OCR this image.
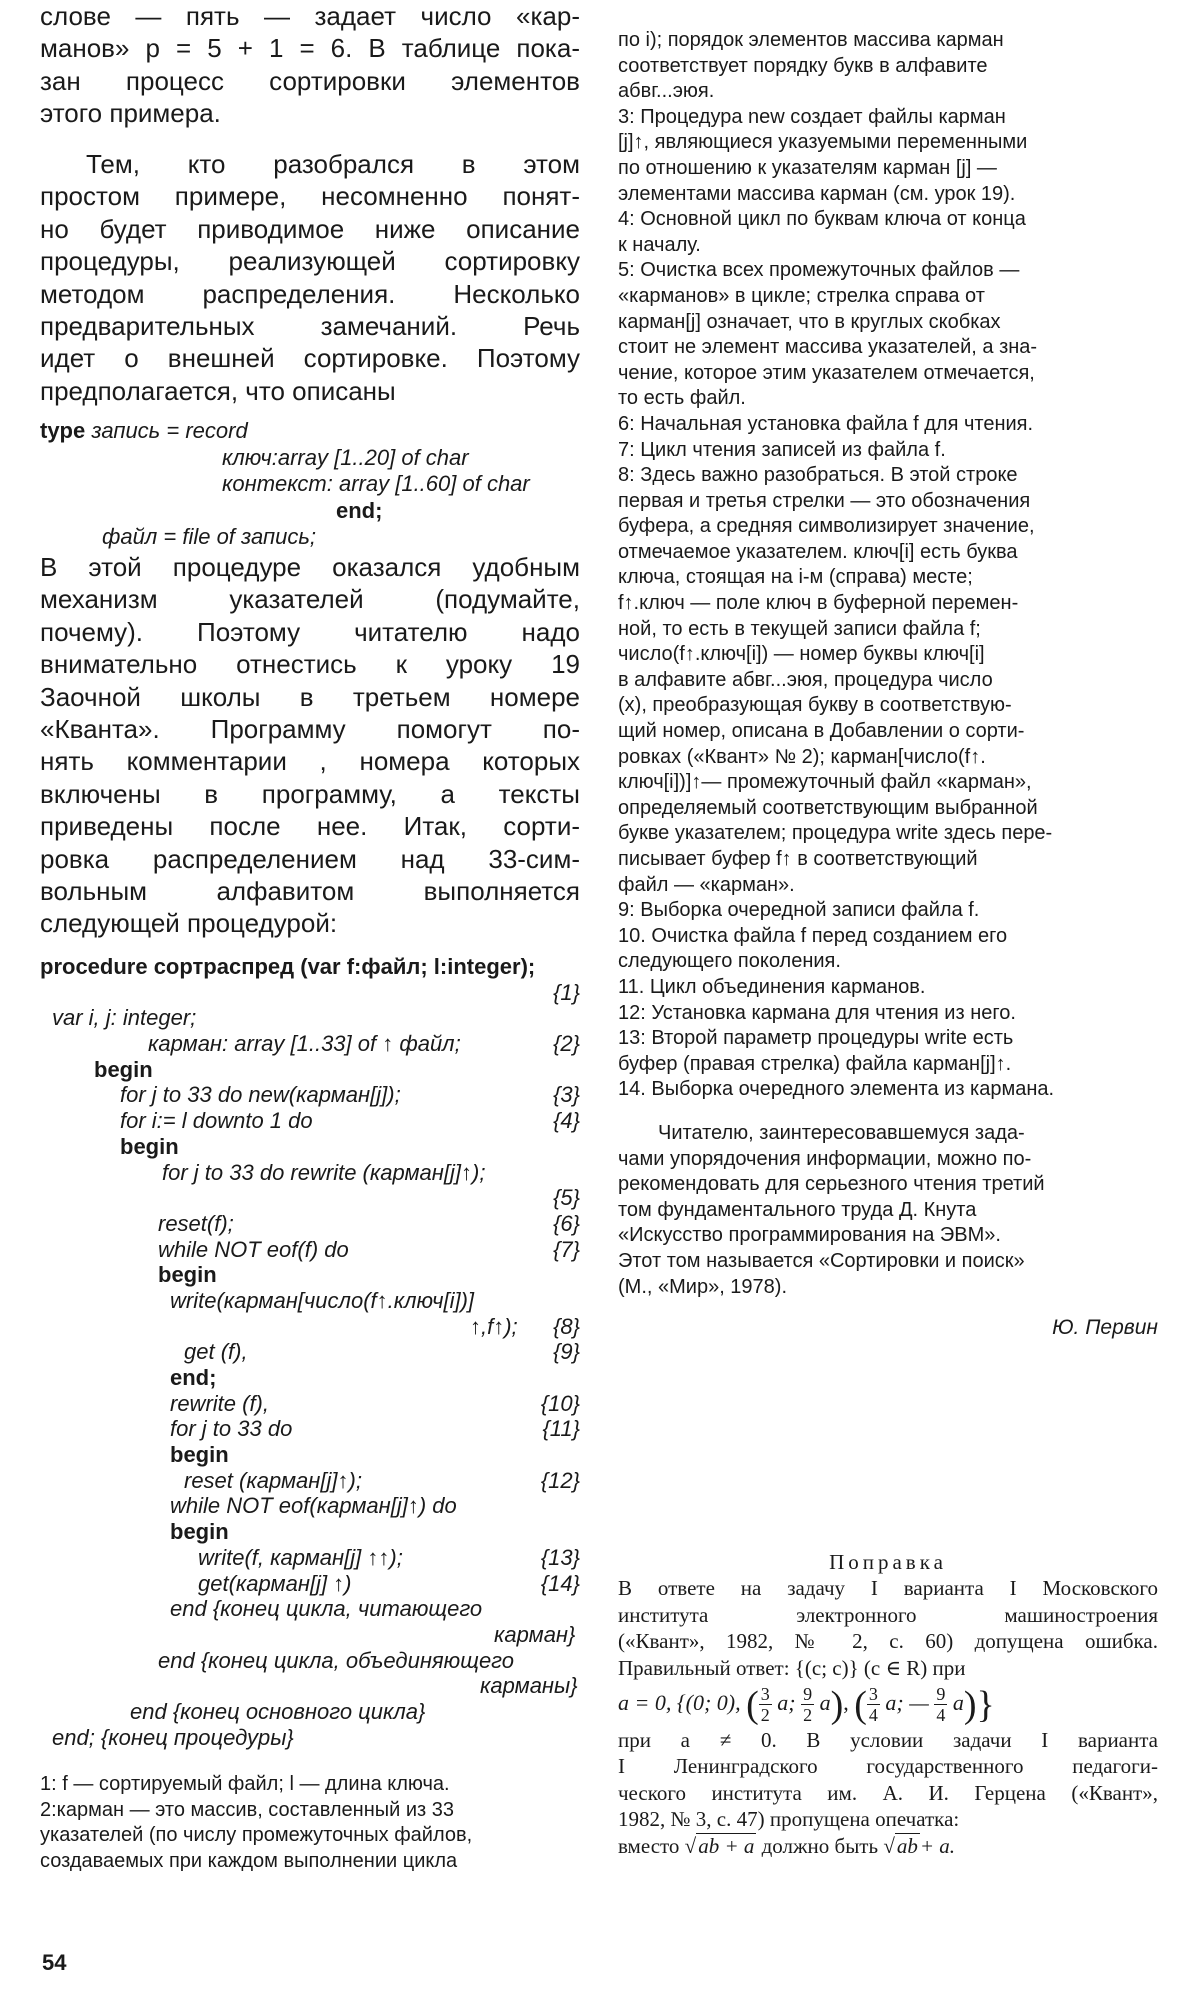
слове — пять — задает число «кар-

манов» p = 5 + 1 = 6. В таблице пока-

зан процесс сортировки элементов

этого примера.

Тем, кто разобрался в этом

простом примере, несомненно понят-

но будет приводимое ниже описание

процедуры, реализующей сортировку

методом распределения. Несколько

предварительных замечаний. Речь

идет о внешней сортировке. Поэтому

предполагается, что описаны

type запись = record
ключ:array [1..20] of char
контекст: array [1..60] of char
end;
файл = file of запись;

В этой процедуре оказался удобным

механизм указателей (подумайте,

почему). Поэтому читателю надо

внимательно отнестись к уроку 19

Заочной школы в третьем номере

«Кванта». Программу помогут по-

нять комментарии , номера которых

включены в программу, а тексты

приведены после нее. Итак, сорти-

ровка распределением над 33-сим-

вольным алфавитом выполняется

следующей процедурой:

procedure сортраспред (var f:файл; l:integer);
{1}
var i, j: integer;
карман: array [1..33] of ↑ файл;	{2}
begin
for j to 33 do new(карман[j]);	{3}
for i:= l downto 1 do	{4}
begin
for j to 33 do rewrite (карман[j]↑);
{5}
reset(f);	{6}
while NOT eof(f) do	{7}
begin
write(карман[число(f↑.ключ[i])]
↑,f↑); {8}
get (f),	{9}
end;
rewrite (f),	{10}
for j to 33 do	{11}
begin
reset (карман[j]↑);	{12}
while NOT eof(карман[j]↑) do
begin
write(f, карман[j] ↑↑);	{13}
get(карман[j] ↑)	{14}
end {конец цикла, читающего
карман}
end {конец цикла, объединяющего
карманы}
end {конец основного цикла}
end; {конец процедуры}

1: f — сортируемый файл; l — длина ключа.

2:карман — это массив, составленный из 33

указателей (по числу промежуточных файлов,

создаваемых при каждом выполнении цикла

54

по i); порядок элементов массива карман

соответствует порядку букв в алфавите

абвг...эюя.

3: Процедура new создает файлы карман

[j]↑, являющиеся указуемыми переменными

по отношению к указателям карман [j] —

элементами массива карман (см. урок 19).

4: Основной цикл по буквам ключа от конца

к началу.

5: Очистка всех промежуточных файлов —

«карманов» в цикле; стрелка справа от

карман[j] означает, что в круглых скобках

стоит не элемент массива указателей, а зна-

чение, которое этим указателем отмечается,

то есть файл.

6: Начальная установка файла f для чтения.

7: Цикл чтения записей из файла f.

8: Здесь важно разобраться. В этой строке

первая и третья стрелки — это обозначения

буфера, а средняя символизирует значение,

отмечаемое указателем. ключ[i] есть буква

ключа, стоящая на i-м (справа) месте;

f↑.ключ — поле ключ в буферной перемен-

ной, то есть в текущей записи файла f;

число(f↑.ключ[i]) — номер буквы ключ[i]

в алфавите абвг...эюя, процедура число

(x), преобразующая букву в соответствую-

щий номер, описана в Добавлении о сорти-

ровках («Квант» № 2); карман[число(f↑.

ключ[i])]↑— промежуточный файл «карман»,

определяемый соответствующим выбранной

букве указателем; процедура write здесь пере-

писывает буфер f↑ в соответствующий

файл — «карман».

9: Выборка очередной записи файла f.

10. Очистка файла f перед созданием его

следующего поколения.

11. Цикл объединения карманов.

12: Установка кармана для чтения из него.

13: Второй параметр процедуры write есть

буфер (правая стрелка) файла карман[j]↑.

14. Выборка очередного элемента из кармана.

Читателю, заинтересовавшемуся зада-

чами упорядочения информации, можно по-

рекомендовать для серьезного чтения третий

том фундаментального труда Д. Кнута

«Искусство программирования на ЭВМ».

Этот том называется «Сортировки и поиск»

(М., «Мир», 1978).

Ю. Первин

Поправка

В ответе на задачу I варианта I Московского

института электронного машиностроения

(«Квант», 1982, № 2, с. 60) допущена ошибка.

Правильный ответ: {(c; c)} (c ∈ R) при

a = 0, {(0; 0), ( $\frac{3}{2} a$; $\frac{9}{2} a$), ( $\frac{3}{4} a$; — $\frac{9}{4} a$)}

при a ≠ 0. В условии задачи I варианта

I Ленинградского государственного педагоги-

ческого института им. А. И. Герцена («Квант»,

1982, № 3, с. 47) пропущена опечатка:

вместо √ab + a должно быть √ab+ a.
